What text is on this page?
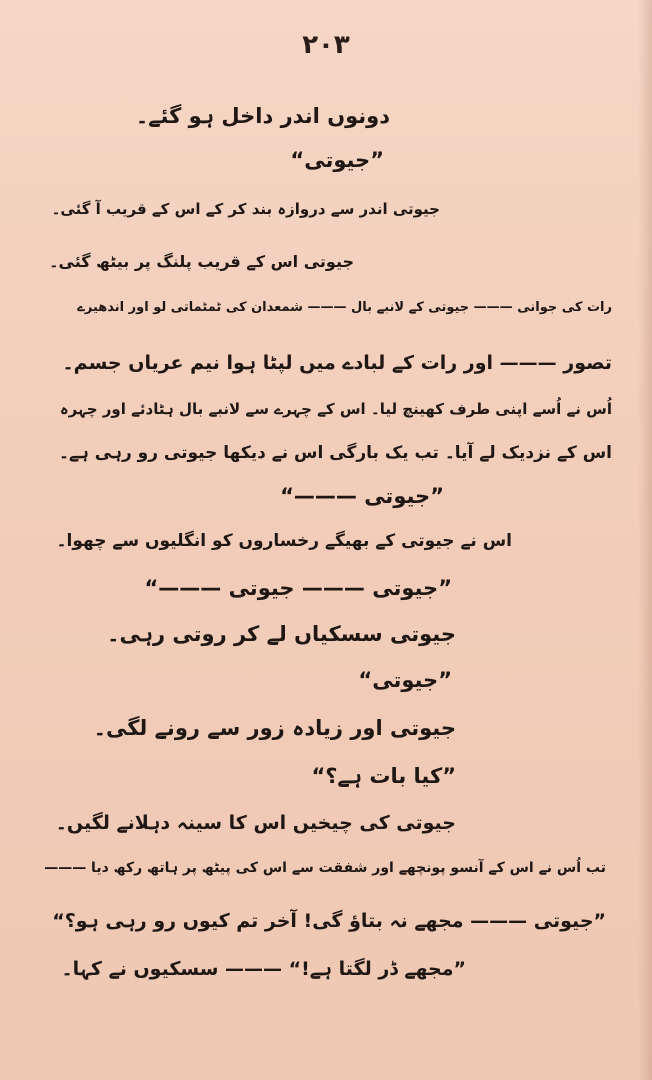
۲۰۳
دونوں اندر داخل ہو گئے۔
”جیوتی“
جیوتی اندر سے دروازہ بند کر کے اس کے قریب آ گئی۔
جیوتی اس کے قریب پلنگ پر بیٹھ گئی۔
رات کی جوانی ——— جیوتی کے لانبے بال ——— شمعدان کی ٹمٹماتی لو اور اندھیرے
تصور ——— اور رات کے لبادے میں لپٹا ہوا نیم عریاں جسم۔
اُس نے اُسے اپنی طرف کھینچ لیا۔ اس کے چہرے سے لانبے بال ہٹادئے اور چہرہ
اس کے نزدیک لے آیا۔ تب یک بارگی اس نے دیکھا جیوتی رو رہی ہے۔
”جیوتی ———“
اس نے جیوتی کے بھیگے رخساروں کو انگلیوں سے چھوا۔
”جیوتی ——— جیوتی ———“
جیوتی سسکیاں لے کر روتی رہی۔
”جیوتی“
جیوتی اور زیادہ زور سے رونے لگی۔
”کیا بات ہے؟“
جیوتی کی چیخیں اس کا سینہ دہلانے لگیں۔
تب اُس نے اس کے آنسو پونچھے اور شفقت سے اس کی پیٹھ پر ہاتھ رکھ دیا ———
”جیوتی ——— مجھے نہ بتاؤ گی! آخر تم کیوں رو رہی ہو؟“
”مجھے ڈر لگتا ہے!“ ——— سسکیوں نے کہا۔
